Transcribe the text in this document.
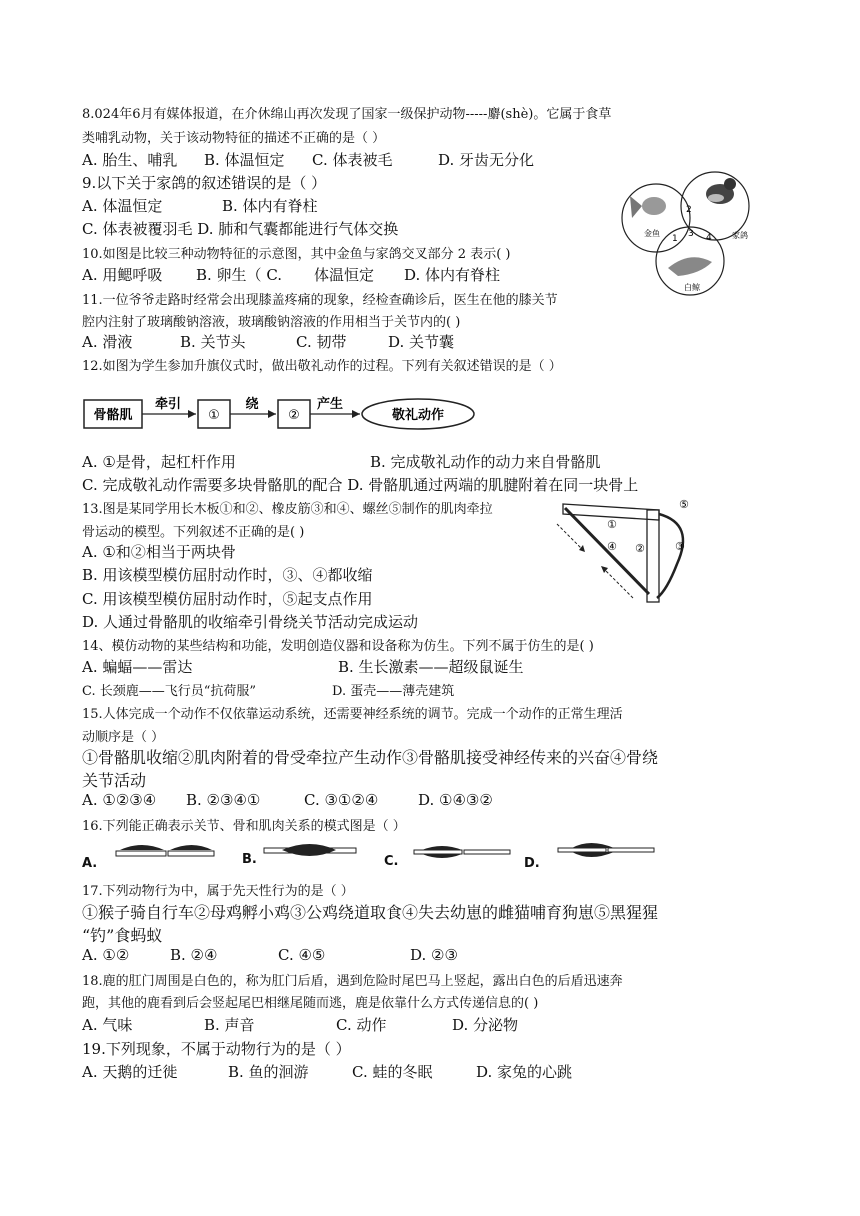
8.024年6月有媒体报道，在介休绵山再次发现了国家一级保护动物-----麝(shè)。它属于食草
类哺乳动物，关于该动物特征的描述不正确的是（ ）
A. 胎生、哺乳 B. 体温恒定 C. 体表被毛	D. 牙齿无分化
9.以下关于家鸽的叙述错误的是（ ）
A. 体温恒定	B. 体内有脊柱
C. 体表被覆羽毛 D. 肺和气囊都能进行气体交换
10.如图是比较三种动物特征的示意图，其中金鱼与家鸽交叉部分 2 表示( )
A. 用鳃呼吸 B. 卵生（ C. 体温恒定 D. 体内有脊柱
金鱼	家鸽
白鲸
1
2
3 4
11.一位爷爷走路时经常会出现膝盖疼痛的现象，经检查确诊后，医生在他的膝关节
腔内注射了玻璃酸钠溶液，玻璃酸钠溶液的作用相当于关节内的( )
A. 滑液	B. 关节头	C. 韧带	D. 关节囊
12.如图为学生参加升旗仪式时，做出敬礼动作的过程。下列有关叙述错误的是（ ）
骨骼肌
牵引
①
绕
②
产生
敬礼动作
A. ①是骨，起杠杆作用	B. 完成敬礼动作的动力来自骨骼肌
C. 完成敬礼动作需要多块骨骼肌的配合 D. 骨骼肌通过两端的肌腱附着在同一块骨上
13.图是某同学用长木板①和②、橡皮筋③和④、螺丝⑤制作的肌肉牵拉
骨运动的模型。下列叙述不正确的是( )
A. ①和②相当于两块骨
B. 用该模型模仿屈肘动作时，③、④都收缩
C. 用该模型模仿屈肘动作时，⑤起支点作用
D. 人通过骨骼肌的收缩牵引骨绕关节活动完成运动
⑤
①
④ ②	③
14、模仿动物的某些结构和功能，发明创造仪器和设备称为仿生。下列不属于仿生的是( )
A. 蝙蝠——雷达	B. 生长激素——超级鼠诞生
C. 长颈鹿——飞行员“抗荷服”	D. 蛋壳——薄壳建筑
15.人体完成一个动作不仅依靠运动系统，还需要神经系统的调节。完成一个动作的正常生理活
动顺序是（ ）
①骨骼肌收缩②肌肉附着的骨受牵拉产生动作③骨骼肌接受神经传来的兴奋④骨绕
关节活动
A. ①②③④ B. ②③④①	C. ③①②④	D. ①④③②
16.下列能正确表示关节、骨和肌肉关系的模式图是（ ）
A.	B.	C.	D.
17.下列动物行为中，属于先天性行为的是（ ）
①猴子骑自行车②母鸡孵小鸡③公鸡绕道取食④失去幼崽的雌猫哺育狗崽⑤黑猩猩
“钓”食蚂蚁
A. ①②	B. ②④	C. ④⑤	D. ②③
18.鹿的肛门周围是白色的，称为肛门后盾，遇到危险时尾巴马上竖起，露出白色的后盾迅速奔
跑，其他的鹿看到后会竖起尾巴相继尾随而逃，鹿是依靠什么方式传递信息的( )
A. 气味	B. 声音	C. 动作	D. 分泌物
19.下列现象，不属于动物行为的是（ ）
A. 天鹅的迁徙	B. 鱼的洄游	C. 蛙的冬眠	D. 家兔的心跳
